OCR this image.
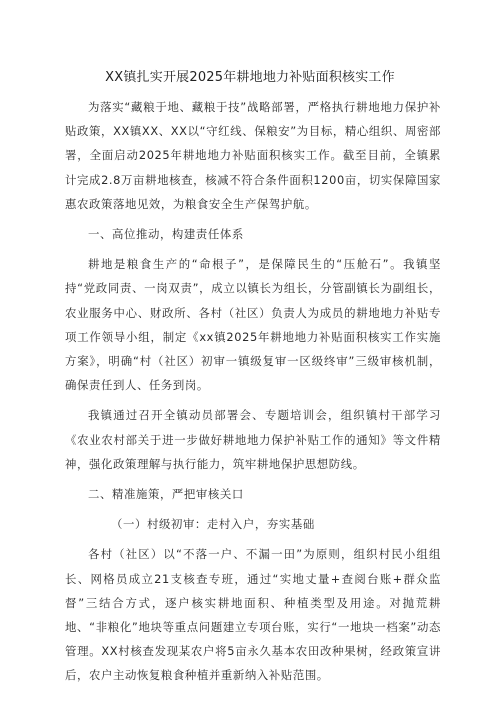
XX镇扎实开展2025年耕地地力补贴面积核实工作

为落实“藏粮于地、藏粮于技”战略部署，严格执行耕地地力保护补贴政策，XX镇XX、XX以“守红线、保粮安”为目标，精心组织、周密部署，全面启动2025年耕地地力补贴面积核实工作。截至目前，全镇累计完成2.8万亩耕地核查，核减不符合条件面积1200亩，切实保障国家惠农政策落地见效，为粮食安全生产保驾护航。

一、高位推动，构建责任体系

耕地是粮食生产的“命根子”，是保障民生的“压舱石”。我镇坚持“党政同责、一岗双责”，成立以镇长为组长，分管副镇长为副组长，农业服务中心、财政所、各村（社区）负责人为成员的耕地地力补贴专项工作领导小组，制定《xx镇2025年耕地地力补贴面积核实工作实施方案》，明确“村（社区）初审一镇级复审一区级终审”三级审核机制，确保责任到人、任务到岗。

我镇通过召开全镇动员部署会、专题培训会，组织镇村干部学习《农业农村部关于进一步做好耕地地力保护补贴工作的通知》等文件精神，强化政策理解与执行能力，筑牢耕地保护思想防线。

二、精准施策，严把审核关口

（一）村级初审：走村入户，夯实基础

各村（社区）以“不落一户、不漏一田”为原则，组织村民小组组长、网格员成立21支核查专班，通过“实地丈量+查阅台账+群众监督”三结合方式，逐户核实耕地面积、种植类型及用途。对抛荒耕地、“非粮化”地块等重点问题建立专项台账，实行“一地块一档案”动态管理。XX村核查发现某农户将5亩永久基本农田改种果树，经政策宣讲后，农户主动恢复粮食种植并重新纳入补贴范围。
